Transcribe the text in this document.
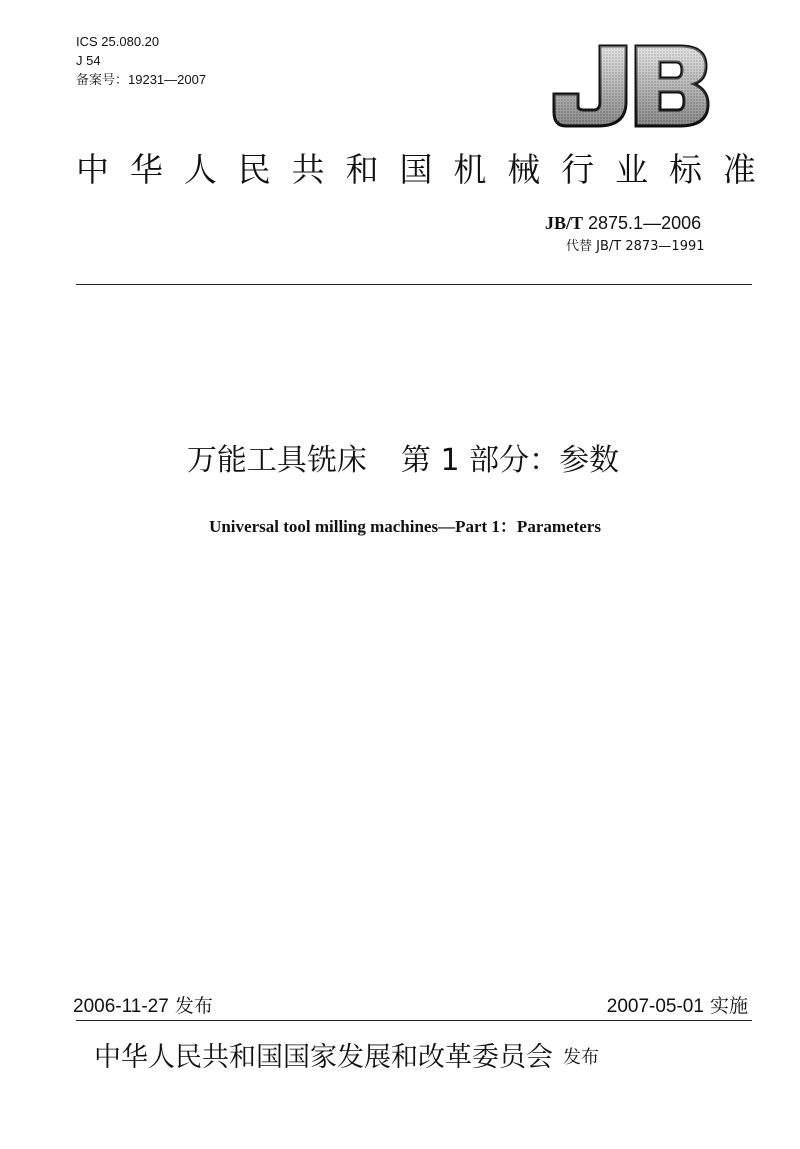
ICS 25.080.20
J 54
备案号：19231—2007
中 华 人 民 共 和 国 机 械 行 业 标 准
JB/T 2875.1—2006
代替 JB/T 2873—1991
万能工具铣床 第 1 部分：参数
Universal tool milling machines—Part 1：Parameters
2006-11-27 发布	2007-05-01 实施
中华人民共和国国家发展和改革委员会 发布
